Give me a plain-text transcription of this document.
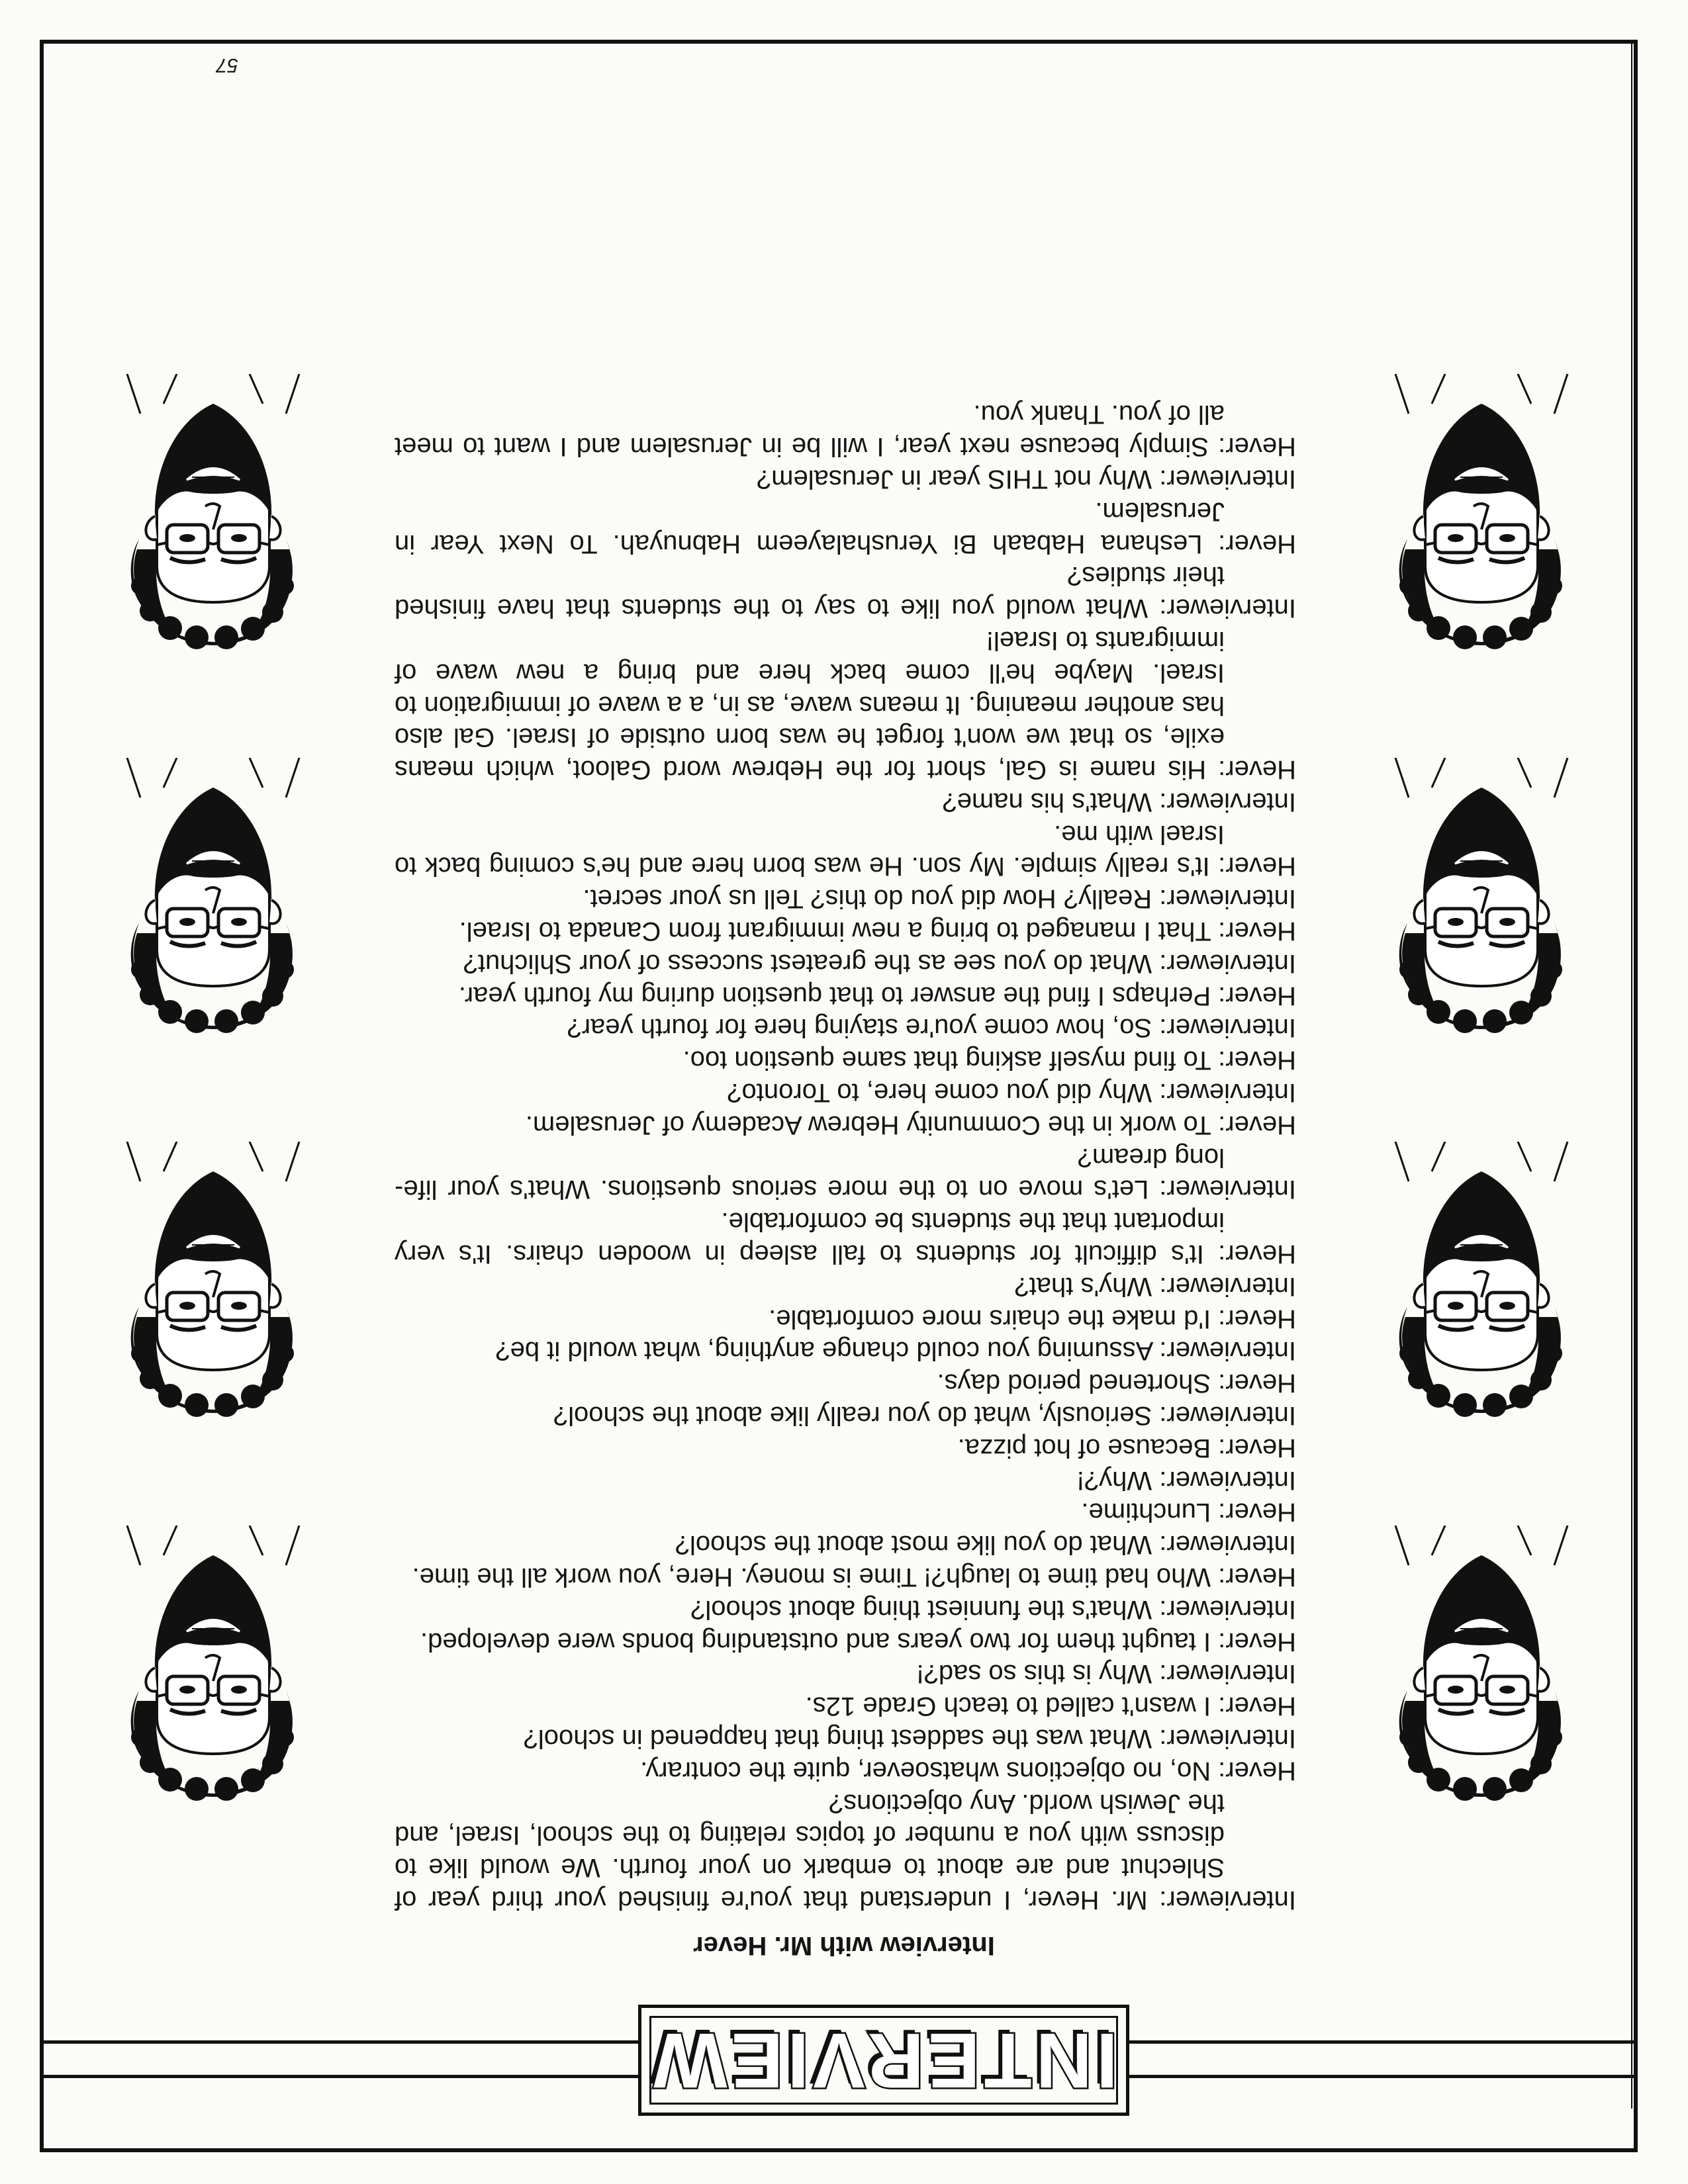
INTERVIEW
Interview with Mr. Hever

Interviewer: Mr. Hever, I understand that you're finished your third year of Shlechut and are about to embark on your fourth. We would like to discuss with you a number of topics relating to the school, Israel, and the Jewish world. Any objections?

Hever: No, no objections whatsoever, quite the contrary.

Interviewer: What was the saddest thing that happened in school?

Hever: I wasn't called to teach Grade 12s.

Interviewer: Why is this so sad?!

Hever: I taught them for two years and outstanding bonds were developed.

Interviewer: What's the funniest thing about school?

Hever: Who had time to laugh?! Time is money. Here, you work all the time.

Interviewer: What do you like most about the school?

Hever: Lunchtime.

Interviewer: Why?!

Hever: Because of hot pizza.

Interviewer: Seriously, what do you really like about the school?

Hever: Shortened period days.

Interviewer: Assuming you could change anything, what would it be?

Hever: I'd make the chairs more comfortable.

Interviewer: Why's that?

Hever: It's difficult for students to fall asleep in wooden chairs. It's very important that the students be comfortable.

Interviewer: Let's move on to the more serious questions. What's your life-long dream?

Hever: To work in the Community Hebrew Academy of Jerusalem.

Interviewer: Why did you come here, to Toronto?

Hever: To find myself asking that same question too.

Interviewer: So, how come you're staying here for fourth year?

Hever: Perhaps I find the answer to that question during my fourth year.

Interviewer: What do you see as the greatest success of your Shlichut?

Hever: That I managed to bring a new immigrant from Canada to Israel.

Interviewer: Really? How did you do this? Tell us your secret.

Hever: It's really simple. My son. He was born here and he's coming back to Israel with me.

Interviewer: What's his name?

Hever: His name is Gal, short for the Hebrew word Galoot, which means exile, so that we won't forget he was born outside of Israel. Gal also has another meaning. It means wave, as in, a a wave of immigration to Israel. Maybe he'll come back here and bring a new wave of immigrants to Israel!

Interviewer: What would you like to say to the students that have finished their studies?

Hever: Leshana Habaah Bi Yerushalayeem Habnuyah. To Next Year in Jerusalem.

Interviewer: Why not THIS year in Jerusalem?

Hever: Simply because next year, I will be in Jerusalem and I want to meet all of you. Thank you.

57
